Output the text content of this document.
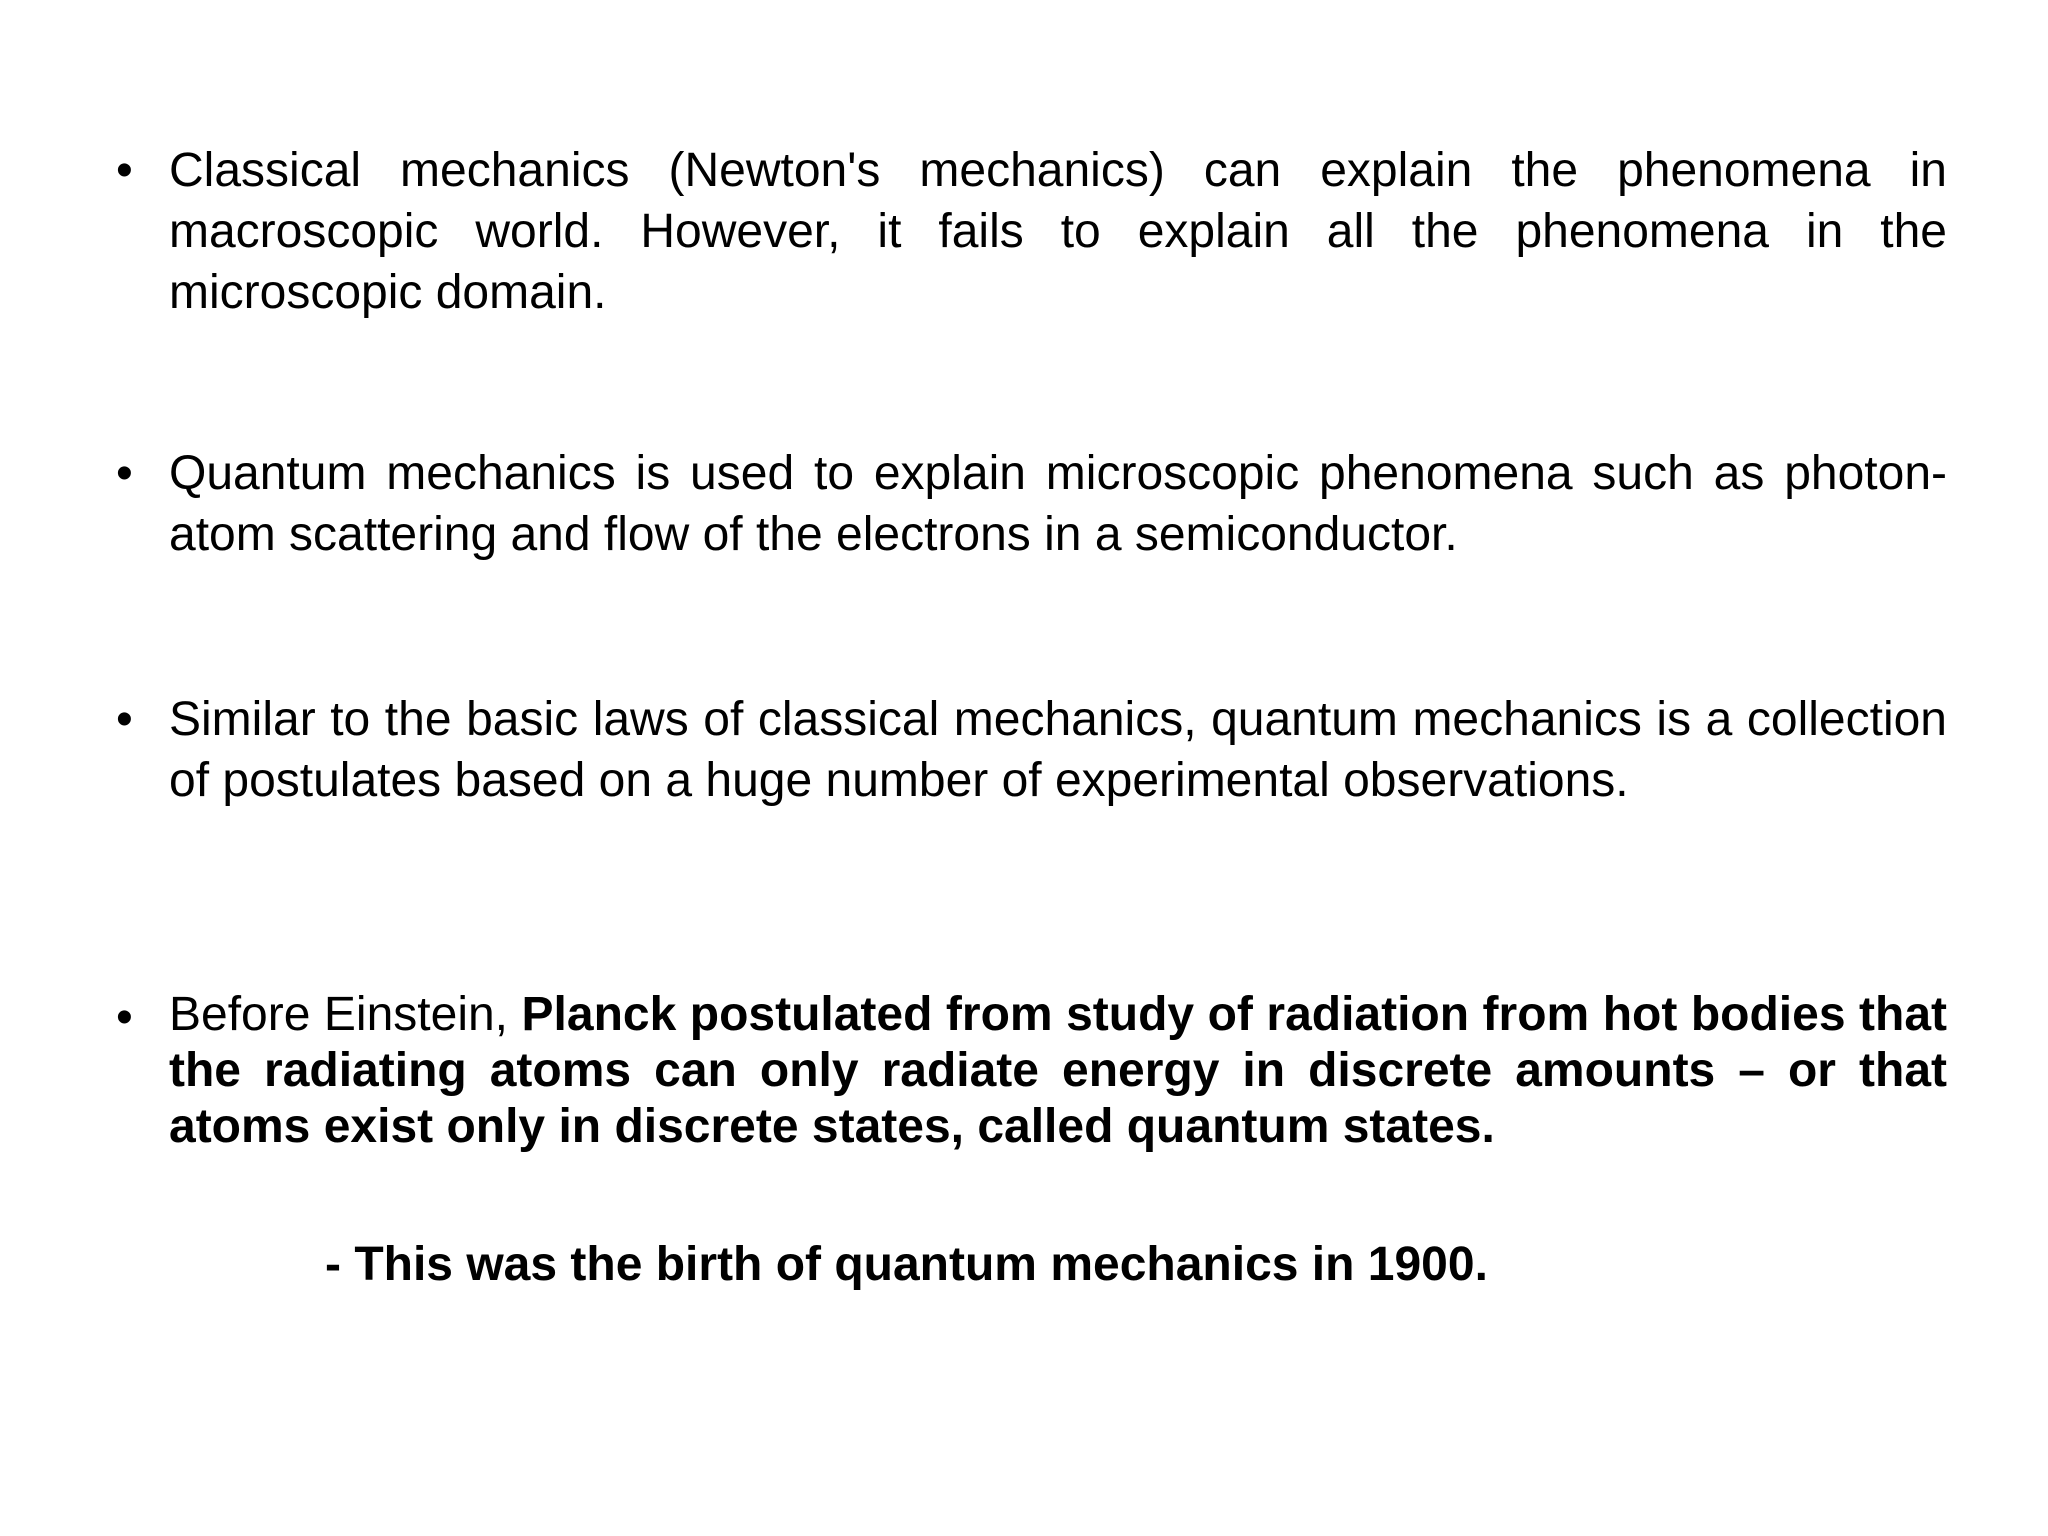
• Classical mechanics (Newton's mechanics) can explain the phenomena in macroscopic world. However, it fails to explain all the phenomena in the microscopic domain.
• Quantum mechanics is used to explain microscopic phenomena such as photon-atom scattering and flow of the electrons in a semiconductor.
• Similar to the basic laws of classical mechanics, quantum mechanics is a collection of postulates based on a huge number of experimental observations.
• Before Einstein, Planck postulated from study of radiation from hot bodies that the radiating atoms can only radiate energy in discrete amounts – or that atoms exist only in discrete states, called quantum states.
- This was the birth of quantum mechanics in 1900.
